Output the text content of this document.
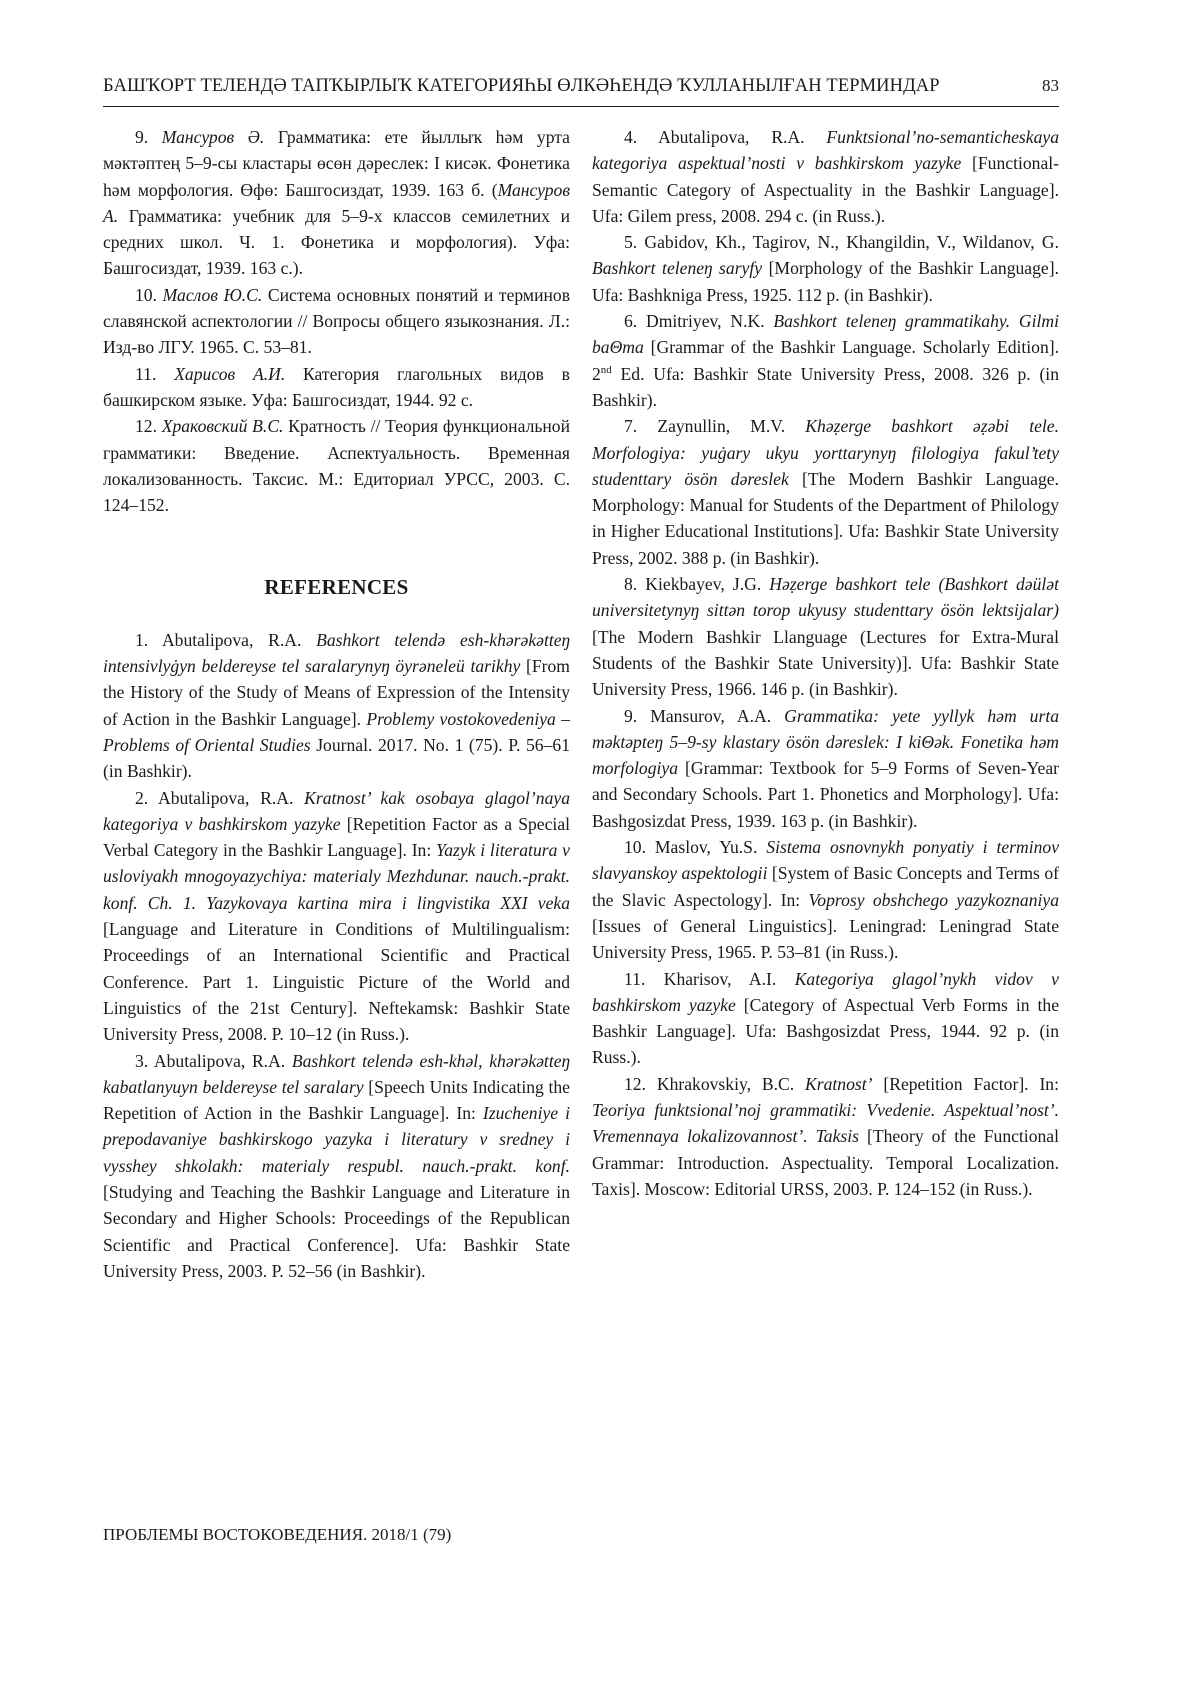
БАШҠОРТ ТЕЛЕНДӘ ТАПҠЫРЛЫҠ КАТЕГОРИЯҺЫ ӨЛКӘҺЕНДӘ ҠУЛЛАНЫЛҒАН ТЕРМИНДАР	83

9. Мансуров Ә. Грамматика: ете йыллыҡ һәм урта мәктәптең 5–9-сы кластары өсөн дәреслек: I кисәк. Фонетика һәм морфология. Өфө: Башгосиздат, 1939. 163 б. (Мансуров А. Грамматика: учебник для 5–9-х классов семилетних и средних школ. Ч. 1. Фонетика и морфология). Уфа: Башгосиздат, 1939. 163 с.).

10. Маслов Ю.С. Система основных понятий и терминов славянской аспектологии // Вопросы общего языкознания. Л.: Изд-во ЛГУ. 1965. С. 53–81.

11. Харисов А.И. Категория глагольных видов в башкирском языке. Уфа: Башгосиздат, 1944. 92 с.

12. Храковский В.С. Кратность // Теория функциональной грамматики: Введение. Аспектуальность. Временная локализованность. Таксис. М.: Едиториал УРСС, 2003. С. 124–152.

REFERENCES

1. Abutalipova, R.A. Bashkort telendә esh-khәrәkәtteŋ intensivlyġyn beldereyse tel saralarynyŋ öyrәneleü tarikhy [From the History of the Study of Means of Expression of the Intensity of Action in the Bashkir Language]. Problemy vostokovedeniya – Problems of Oriental Studies Journal. 2017. No. 1 (75). P. 56–61 (in Bashkir).

2. Abutalipova, R.A. Kratnost’ kak osobaya glagol’naya kategoriya v bashkirskom yazyke [Repetition Factor as a Special Verbal Category in the Bashkir Language]. In: Yazyk i literatura v usloviyakh mnogoyazychiya: materialy Mezhdunar. nauch.-prakt. konf. Ch. 1. Yazykovaya kartina mira i lingvistika XXI veka [Language and Literature in Conditions of Multilingualism: Proceedings of an International Scientific and Practical Conference. Part 1. Linguistic Picture of the World and Linguistics of the 21st Century]. Neftekamsk: Bashkir State University Press, 2008. P. 10–12 (in Russ.).

3. Abutalipova, R.A. Bashkort telendә esh-khәl, khәrәkәtteŋ kabatlanyuyn beldereyse tel saralary [Speech Units Indicating the Repetition of Action in the Bashkir Language]. In: Izucheniye i prepodavaniye bashkirskogo yazyka i literatury v sredney i vysshey shkolakh: materialy respubl. nauch.-prakt. konf. [Studying and Teaching the Bashkir Language and Literature in Secondary and Higher Schools: Proceedings of the Republican Scientific and Practical Conference]. Ufa: Bashkir State University Press, 2003. P. 52–56 (in Bashkir).

4. Abutalipova, R.A. Funktsional’no-semanticheskaya kategoriya aspektual’nosti v bashkirskom yazyke [Functional-Semantic Category of Aspectuality in the Bashkir Language]. Ufa: Gilem press, 2008. 294 c. (in Russ.).

5. Gabidov, Kh., Tagirov, N., Khangildin, V., Wildanov, G. Bashkort teleneŋ saryfy [Morphology of the Bashkir Language]. Ufa: Bashkniga Press, 1925. 112 p. (in Bashkir).

6. Dmitriyev, N.K. Bashkort teleneŋ grammatikahy. Gilmi baΘma [Grammar of the Bashkir Language. Scholarly Edition]. 2nd Ed. Ufa: Bashkir State University Press, 2008. 326 p. (in Bashkir).

7. Zaynullin, M.V. Khәẓerge bashkort әẓәbi tele. Morfologiya: yuġary ukyu yorttarynyŋ filologiya fakul’tety studenttary ösön dәreslek [The Modern Bashkir Language. Morphology: Manual for Students of the Department of Philology in Higher Educational Institutions]. Ufa: Bashkir State University Press, 2002. 388 p. (in Bashkir).

8. Kiekbayev, J.G. Hәẓerge bashkort tele (Bashkort dәülәt universitetynyŋ sittәn torop ukyusy studenttary ösön lektsijalar) [The Modern Bashkir Llanguage (Lectures for Extra-Mural Students of the Bashkir State University)]. Ufa: Bashkir State University Press, 1966. 146 p. (in Bashkir).

9. Mansurov, A.A. Grammatika: yete yyllyk hәm urta mәktәpteŋ 5–9-sy klastary ösön dәreslek: I kiΘәk. Fonetika hәm morfologiya [Grammar: Textbook for 5–9 Forms of Seven-Year and Secondary Schools. Part 1. Phonetics and Morphology]. Ufa: Bashgosizdat Press, 1939. 163 p. (in Bashkir).

10. Maslov, Yu.S. Sistema osnovnykh ponyatiy i terminov slavyanskoy aspektologii [System of Basic Concepts and Terms of the Slavic Aspectology]. In: Voprosy obshchego yazykoznaniya [Issues of General Linguistics]. Leningrad: Leningrad State University Press, 1965. P. 53–81 (in Russ.).

11. Kharisov, A.I. Kategoriya glagol’nykh vidov v bashkirskom yazyke [Category of Aspectual Verb Forms in the Bashkir Language]. Ufa: Bashgosizdat Press, 1944. 92 p. (in Russ.).

12. Khrakovskiy, B.C. Kratnost’ [Repetition Factor]. In: Teoriya funktsional’noj grammatiki: Vvedenie. Aspektual’nost’. Vremennaya lokalizovannost’. Taksis [Theory of the Functional Grammar: Introduction. Aspectuality. Temporal Localization. Taxis]. Moscow: Editorial URSS, 2003. P. 124–152 (in Russ.).

ПРОБЛЕМЫ ВОСТОКОВЕДЕНИЯ. 2018/1 (79)
